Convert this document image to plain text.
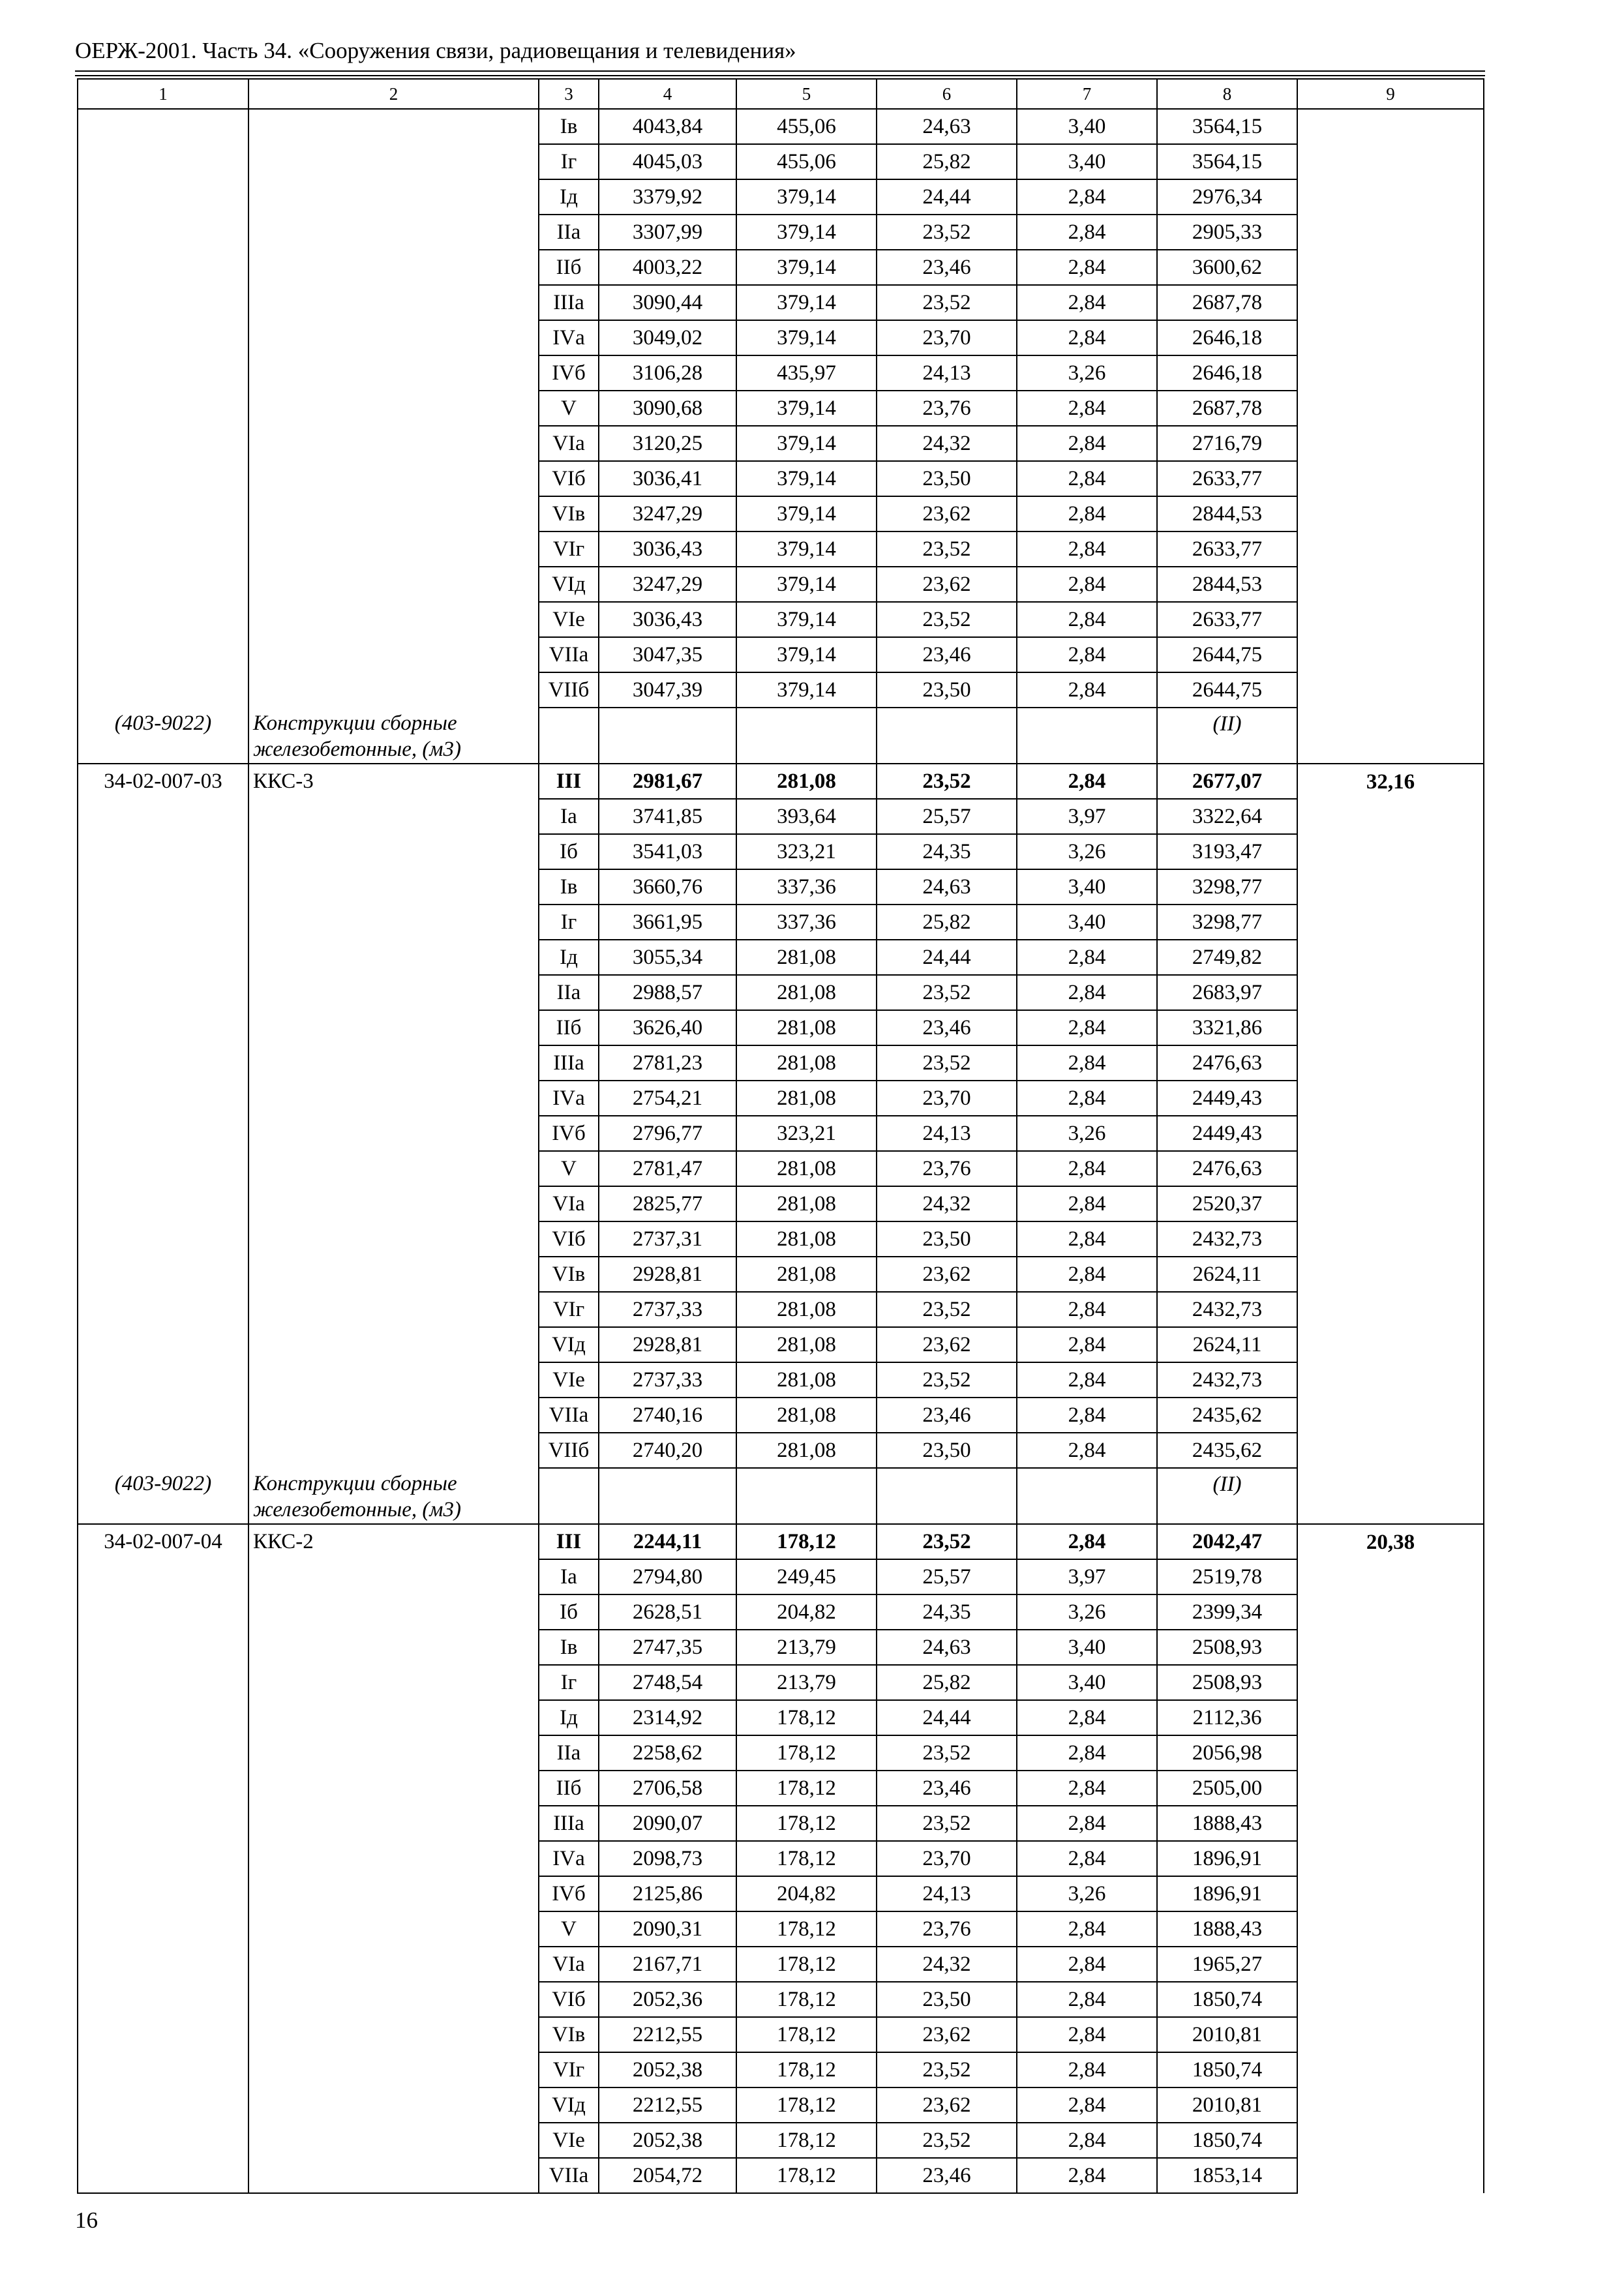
ОЕРЖ-2001. Часть 34. «Сооружения связи, радиовещания и телевидения»
1	2	3	4	5	6	7	8	9
		Iв	4043,84	455,06	24,63	3,40	3564,15	
		Iг	4045,03	455,06	25,82	3,40	3564,15	
		Iд	3379,92	379,14	24,44	2,84	2976,34	
		IIа	3307,99	379,14	23,52	2,84	2905,33	
		IIб	4003,22	379,14	23,46	2,84	3600,62	
		IIIа	3090,44	379,14	23,52	2,84	2687,78	
		IVа	3049,02	379,14	23,70	2,84	2646,18	
		IVб	3106,28	435,97	24,13	3,26	2646,18	
		V	3090,68	379,14	23,76	2,84	2687,78	
		VIа	3120,25	379,14	24,32	2,84	2716,79	
		VIб	3036,41	379,14	23,50	2,84	2633,77	
		VIв	3247,29	379,14	23,62	2,84	2844,53	
		VIг	3036,43	379,14	23,52	2,84	2633,77	
		VIд	3247,29	379,14	23,62	2,84	2844,53	
		VIе	3036,43	379,14	23,52	2,84	2633,77	
		VIIа	3047,35	379,14	23,46	2,84	2644,75	
		VIIб	3047,39	379,14	23,50	2,84	2644,75	
(403-9022)	Конструкции сборные железобетонные, (м3)						(II)	
34-02-007-03	ККС-3	III	2981,67	281,08	23,52	2,84	2677,07	32,16
		Iа	3741,85	393,64	25,57	3,97	3322,64	
		Iб	3541,03	323,21	24,35	3,26	3193,47	
		Iв	3660,76	337,36	24,63	3,40	3298,77	
		Iг	3661,95	337,36	25,82	3,40	3298,77	
		Iд	3055,34	281,08	24,44	2,84	2749,82	
		IIа	2988,57	281,08	23,52	2,84	2683,97	
		IIб	3626,40	281,08	23,46	2,84	3321,86	
		IIIа	2781,23	281,08	23,52	2,84	2476,63	
		IVа	2754,21	281,08	23,70	2,84	2449,43	
		IVб	2796,77	323,21	24,13	3,26	2449,43	
		V	2781,47	281,08	23,76	2,84	2476,63	
		VIа	2825,77	281,08	24,32	2,84	2520,37	
		VIб	2737,31	281,08	23,50	2,84	2432,73	
		VIв	2928,81	281,08	23,62	2,84	2624,11	
		VIг	2737,33	281,08	23,52	2,84	2432,73	
		VIд	2928,81	281,08	23,62	2,84	2624,11	
		VIе	2737,33	281,08	23,52	2,84	2432,73	
		VIIа	2740,16	281,08	23,46	2,84	2435,62	
		VIIб	2740,20	281,08	23,50	2,84	2435,62	
(403-9022)	Конструкции сборные железобетонные, (м3)						(II)	
34-02-007-04	ККС-2	III	2244,11	178,12	23,52	2,84	2042,47	20,38
		Iа	2794,80	249,45	25,57	3,97	2519,78	
		Iб	2628,51	204,82	24,35	3,26	2399,34	
		Iв	2747,35	213,79	24,63	3,40	2508,93	
		Iг	2748,54	213,79	25,82	3,40	2508,93	
		Iд	2314,92	178,12	24,44	2,84	2112,36	
		IIа	2258,62	178,12	23,52	2,84	2056,98	
		IIб	2706,58	178,12	23,46	2,84	2505,00	
		IIIа	2090,07	178,12	23,52	2,84	1888,43	
		IVа	2098,73	178,12	23,70	2,84	1896,91	
		IVб	2125,86	204,82	24,13	3,26	1896,91	
		V	2090,31	178,12	23,76	2,84	1888,43	
		VIа	2167,71	178,12	24,32	2,84	1965,27	
		VIб	2052,36	178,12	23,50	2,84	1850,74	
		VIв	2212,55	178,12	23,62	2,84	2010,81	
		VIг	2052,38	178,12	23,52	2,84	1850,74	
		VIд	2212,55	178,12	23,62	2,84	2010,81	
		VIе	2052,38	178,12	23,52	2,84	1850,74	
		VIIа	2054,72	178,12	23,46	2,84	1853,14	
16
